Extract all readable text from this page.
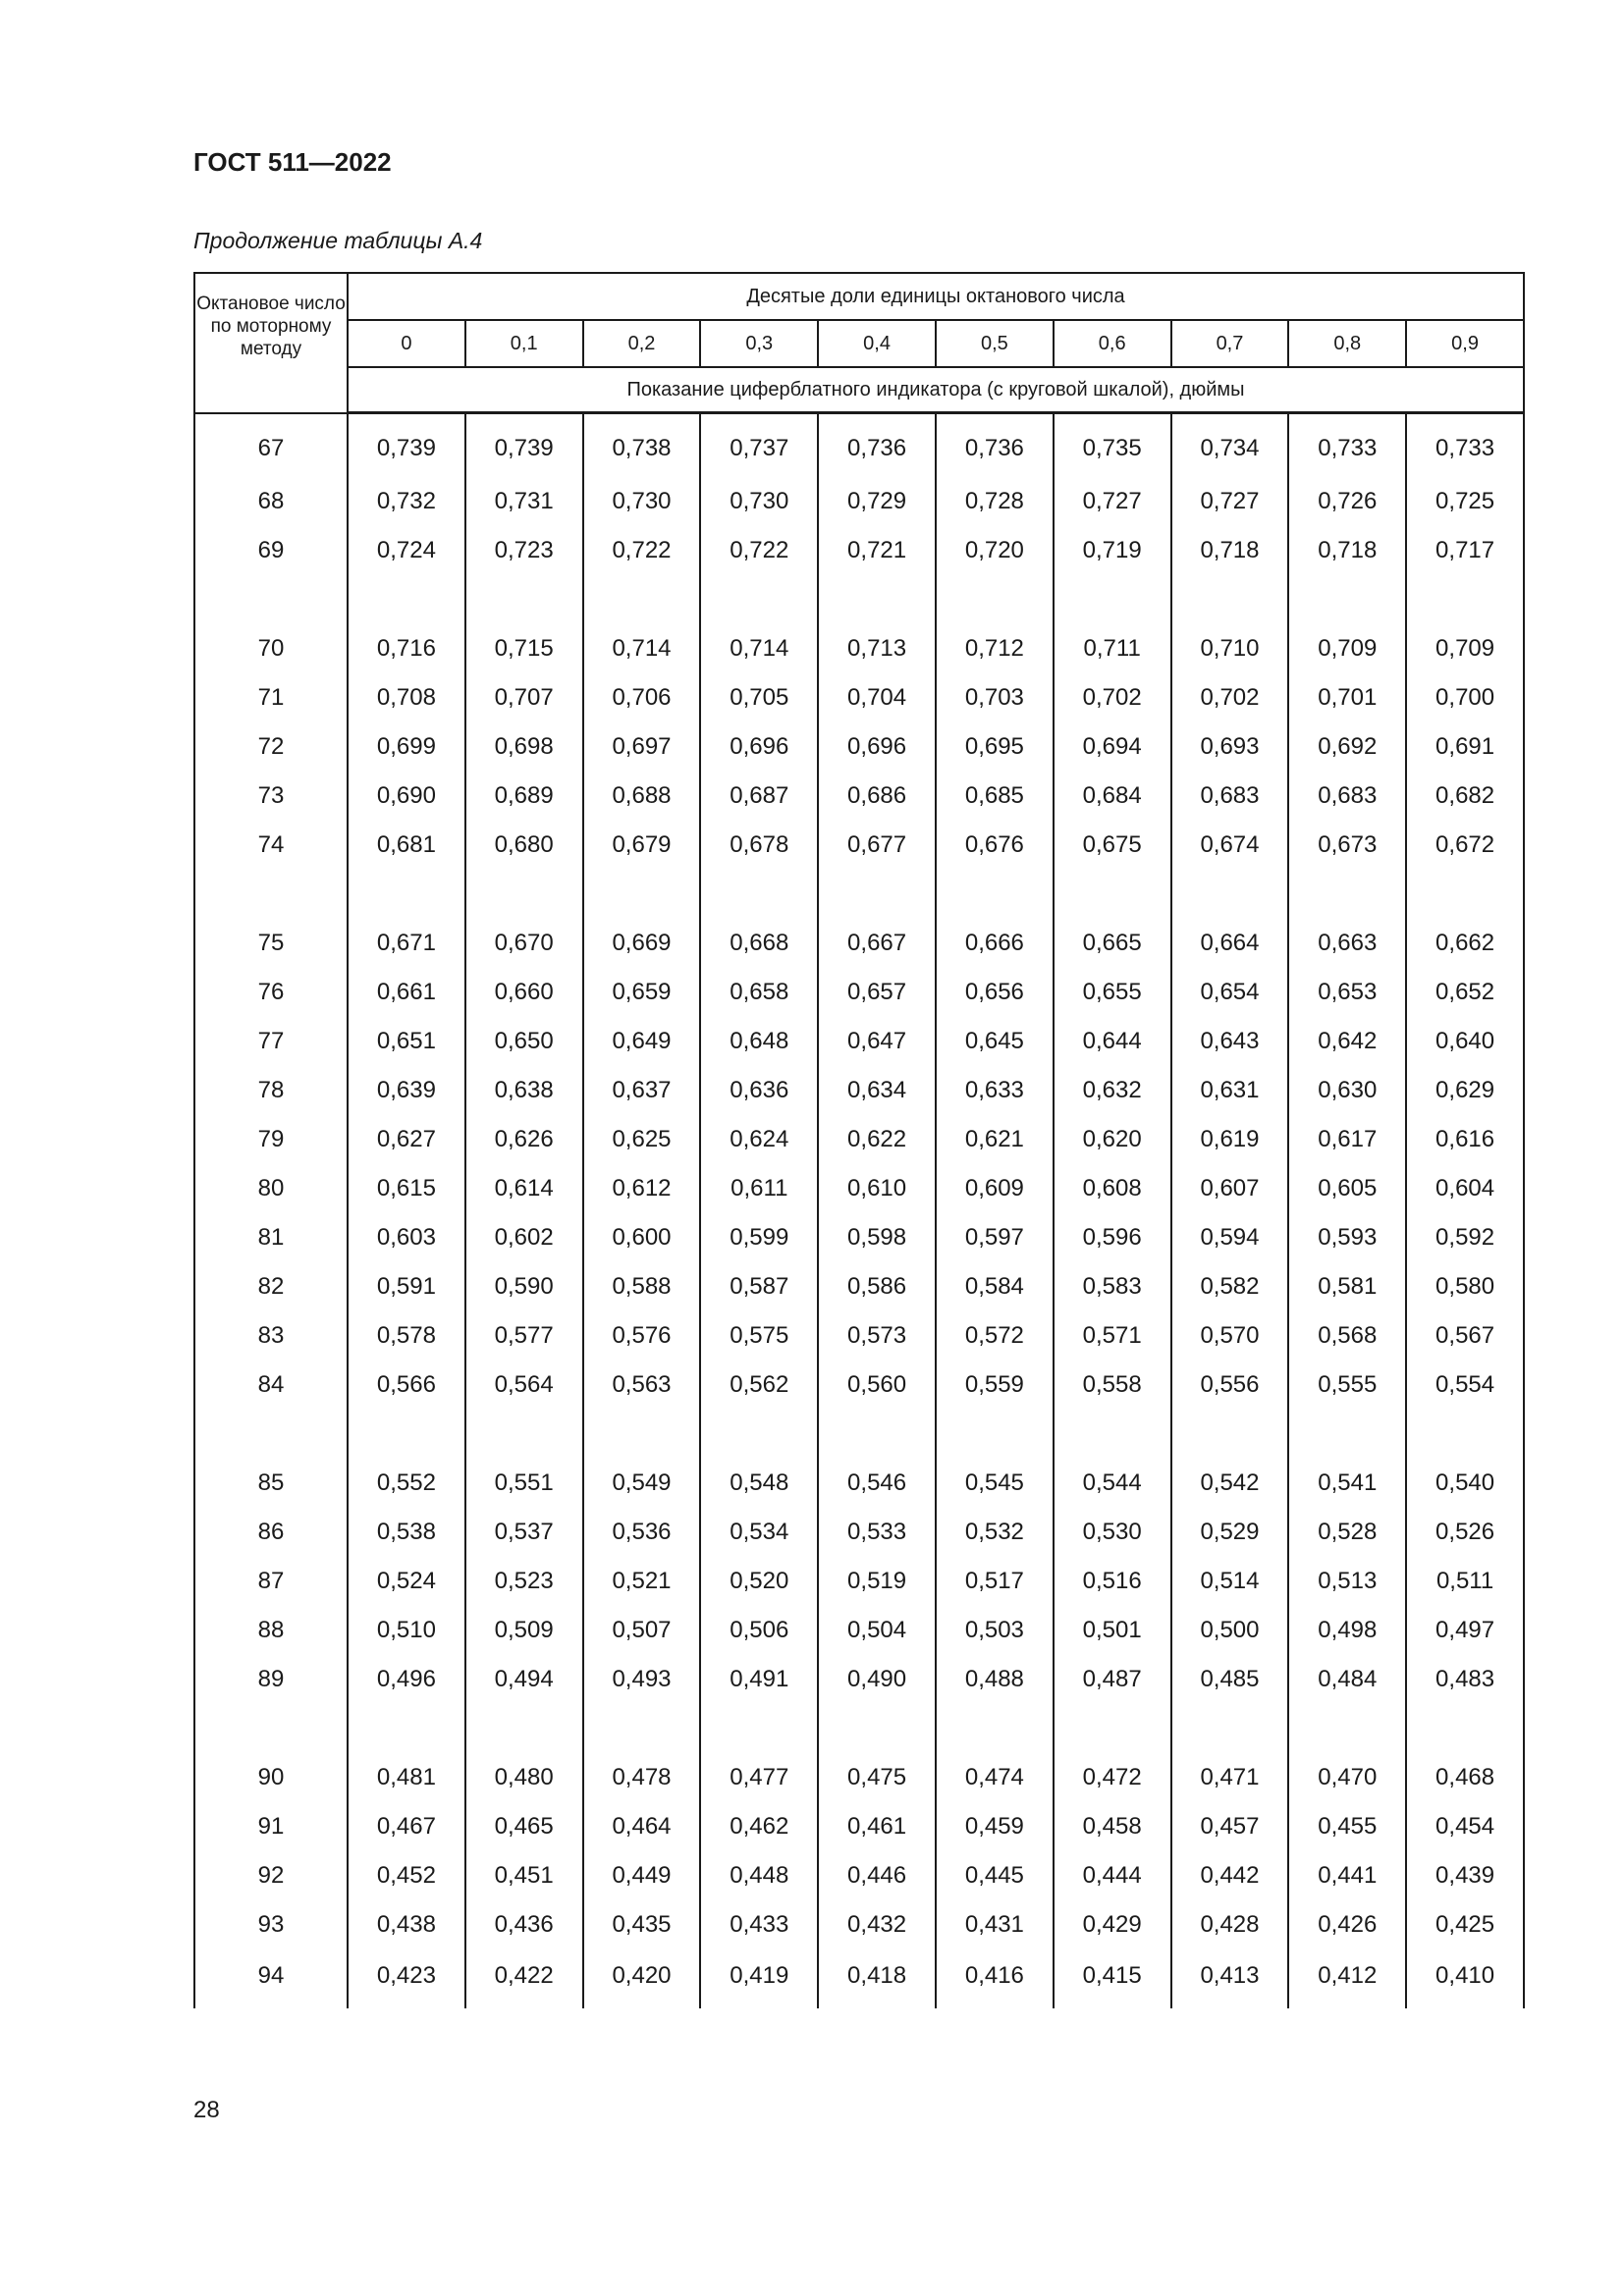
ГОСТ 511—2022
Продолжение таблицы А.4
Октановое число по моторному методу	Десятые доли единицы октанового числа									
	0	0,1	0,2	0,3	0,4	0,5	0,6	0,7	0,8	0,9
	Показание циферблатного индикатора (с круговой шкалой), дюймы									
67	0,739	0,739	0,738	0,737	0,736	0,736	0,735	0,734	0,733	0,733
68	0,732	0,731	0,730	0,730	0,729	0,728	0,727	0,727	0,726	0,725
69	0,724	0,723	0,722	0,722	0,721	0,720	0,719	0,718	0,718	0,717

70	0,716	0,715	0,714	0,714	0,713	0,712	0,711	0,710	0,709	0,709
71	0,708	0,707	0,706	0,705	0,704	0,703	0,702	0,702	0,701	0,700
72	0,699	0,698	0,697	0,696	0,696	0,695	0,694	0,693	0,692	0,691
73	0,690	0,689	0,688	0,687	0,686	0,685	0,684	0,683	0,683	0,682
74	0,681	0,680	0,679	0,678	0,677	0,676	0,675	0,674	0,673	0,672

75	0,671	0,670	0,669	0,668	0,667	0,666	0,665	0,664	0,663	0,662
76	0,661	0,660	0,659	0,658	0,657	0,656	0,655	0,654	0,653	0,652
77	0,651	0,650	0,649	0,648	0,647	0,645	0,644	0,643	0,642	0,640
78	0,639	0,638	0,637	0,636	0,634	0,633	0,632	0,631	0,630	0,629
79	0,627	0,626	0,625	0,624	0,622	0,621	0,620	0,619	0,617	0,616
80	0,615	0,614	0,612	0,611	0,610	0,609	0,608	0,607	0,605	0,604
81	0,603	0,602	0,600	0,599	0,598	0,597	0,596	0,594	0,593	0,592
82	0,591	0,590	0,588	0,587	0,586	0,584	0,583	0,582	0,581	0,580
83	0,578	0,577	0,576	0,575	0,573	0,572	0,571	0,570	0,568	0,567
84	0,566	0,564	0,563	0,562	0,560	0,559	0,558	0,556	0,555	0,554

85	0,552	0,551	0,549	0,548	0,546	0,545	0,544	0,542	0,541	0,540
86	0,538	0,537	0,536	0,534	0,533	0,532	0,530	0,529	0,528	0,526
87	0,524	0,523	0,521	0,520	0,519	0,517	0,516	0,514	0,513	0,511
88	0,510	0,509	0,507	0,506	0,504	0,503	0,501	0,500	0,498	0,497
89	0,496	0,494	0,493	0,491	0,490	0,488	0,487	0,485	0,484	0,483

90	0,481	0,480	0,478	0,477	0,475	0,474	0,472	0,471	0,470	0,468
91	0,467	0,465	0,464	0,462	0,461	0,459	0,458	0,457	0,455	0,454
92	0,452	0,451	0,449	0,448	0,446	0,445	0,444	0,442	0,441	0,439
93	0,438	0,436	0,435	0,433	0,432	0,431	0,429	0,428	0,426	0,425
94	0,423	0,422	0,420	0,419	0,418	0,416	0,415	0,413	0,412	0,410
28
